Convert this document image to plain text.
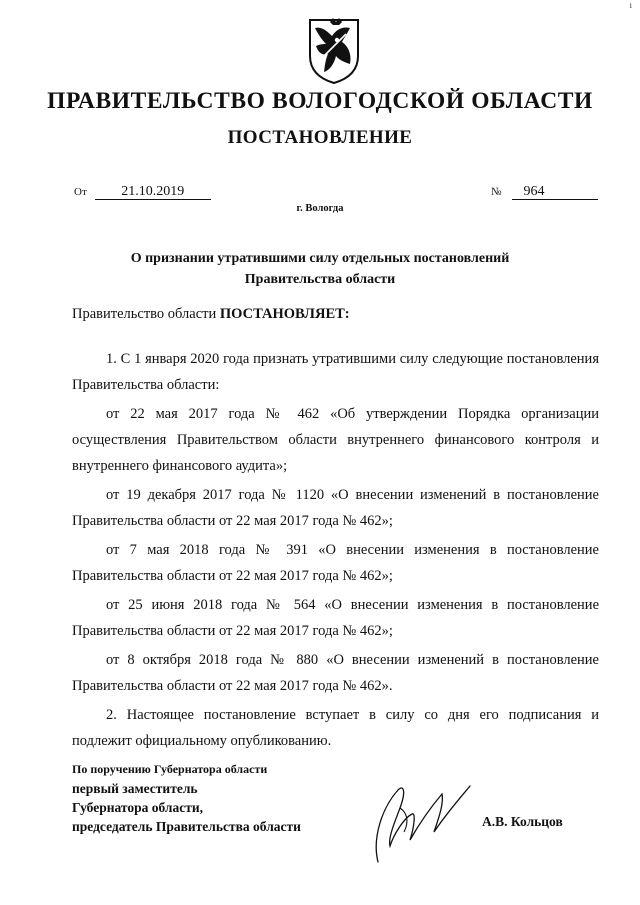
ПРАВИТЕЛЬСТВО ВОЛОГОДСКОЙ ОБЛАСТИ
ПОСТАНОВЛЕНИЕ
От 21.10.2019	№ 964
г. Вологда
О признании утратившими силу отдельных постановлений
Правительства области
Правительство области ПОСТАНОВЛЯЕТ:

1. С 1 января 2020 года признать утратившими силу следующие постановления Правительства области:

от 22 мая 2017 года № 462 «Об утверждении Порядка организации осуществления Правительством области внутреннего финансового контроля и внутреннего финансового аудита»;

от 19 декабря 2017 года № 1120 «О внесении изменений в постановление Правительства области от 22 мая 2017 года № 462»;

от 7 мая 2018 года № 391 «О внесении изменения в постановление Правительства области от 22 мая 2017 года № 462»;

от 25 июня 2018 года № 564 «О внесении изменения в постановление Правительства области от 22 мая 2017 года № 462»;

от 8 октября 2018 года № 880 «О внесении изменений в постановление Правительства области от 22 мая 2017 года № 462».

2. Настоящее постановление вступает в силу со дня его подписания и подлежит официальному опубликованию.

По поручению Губернатора области
первый заместитель
Губернатора области,
председатель Правительства области	А.В. Кольцов
ı
